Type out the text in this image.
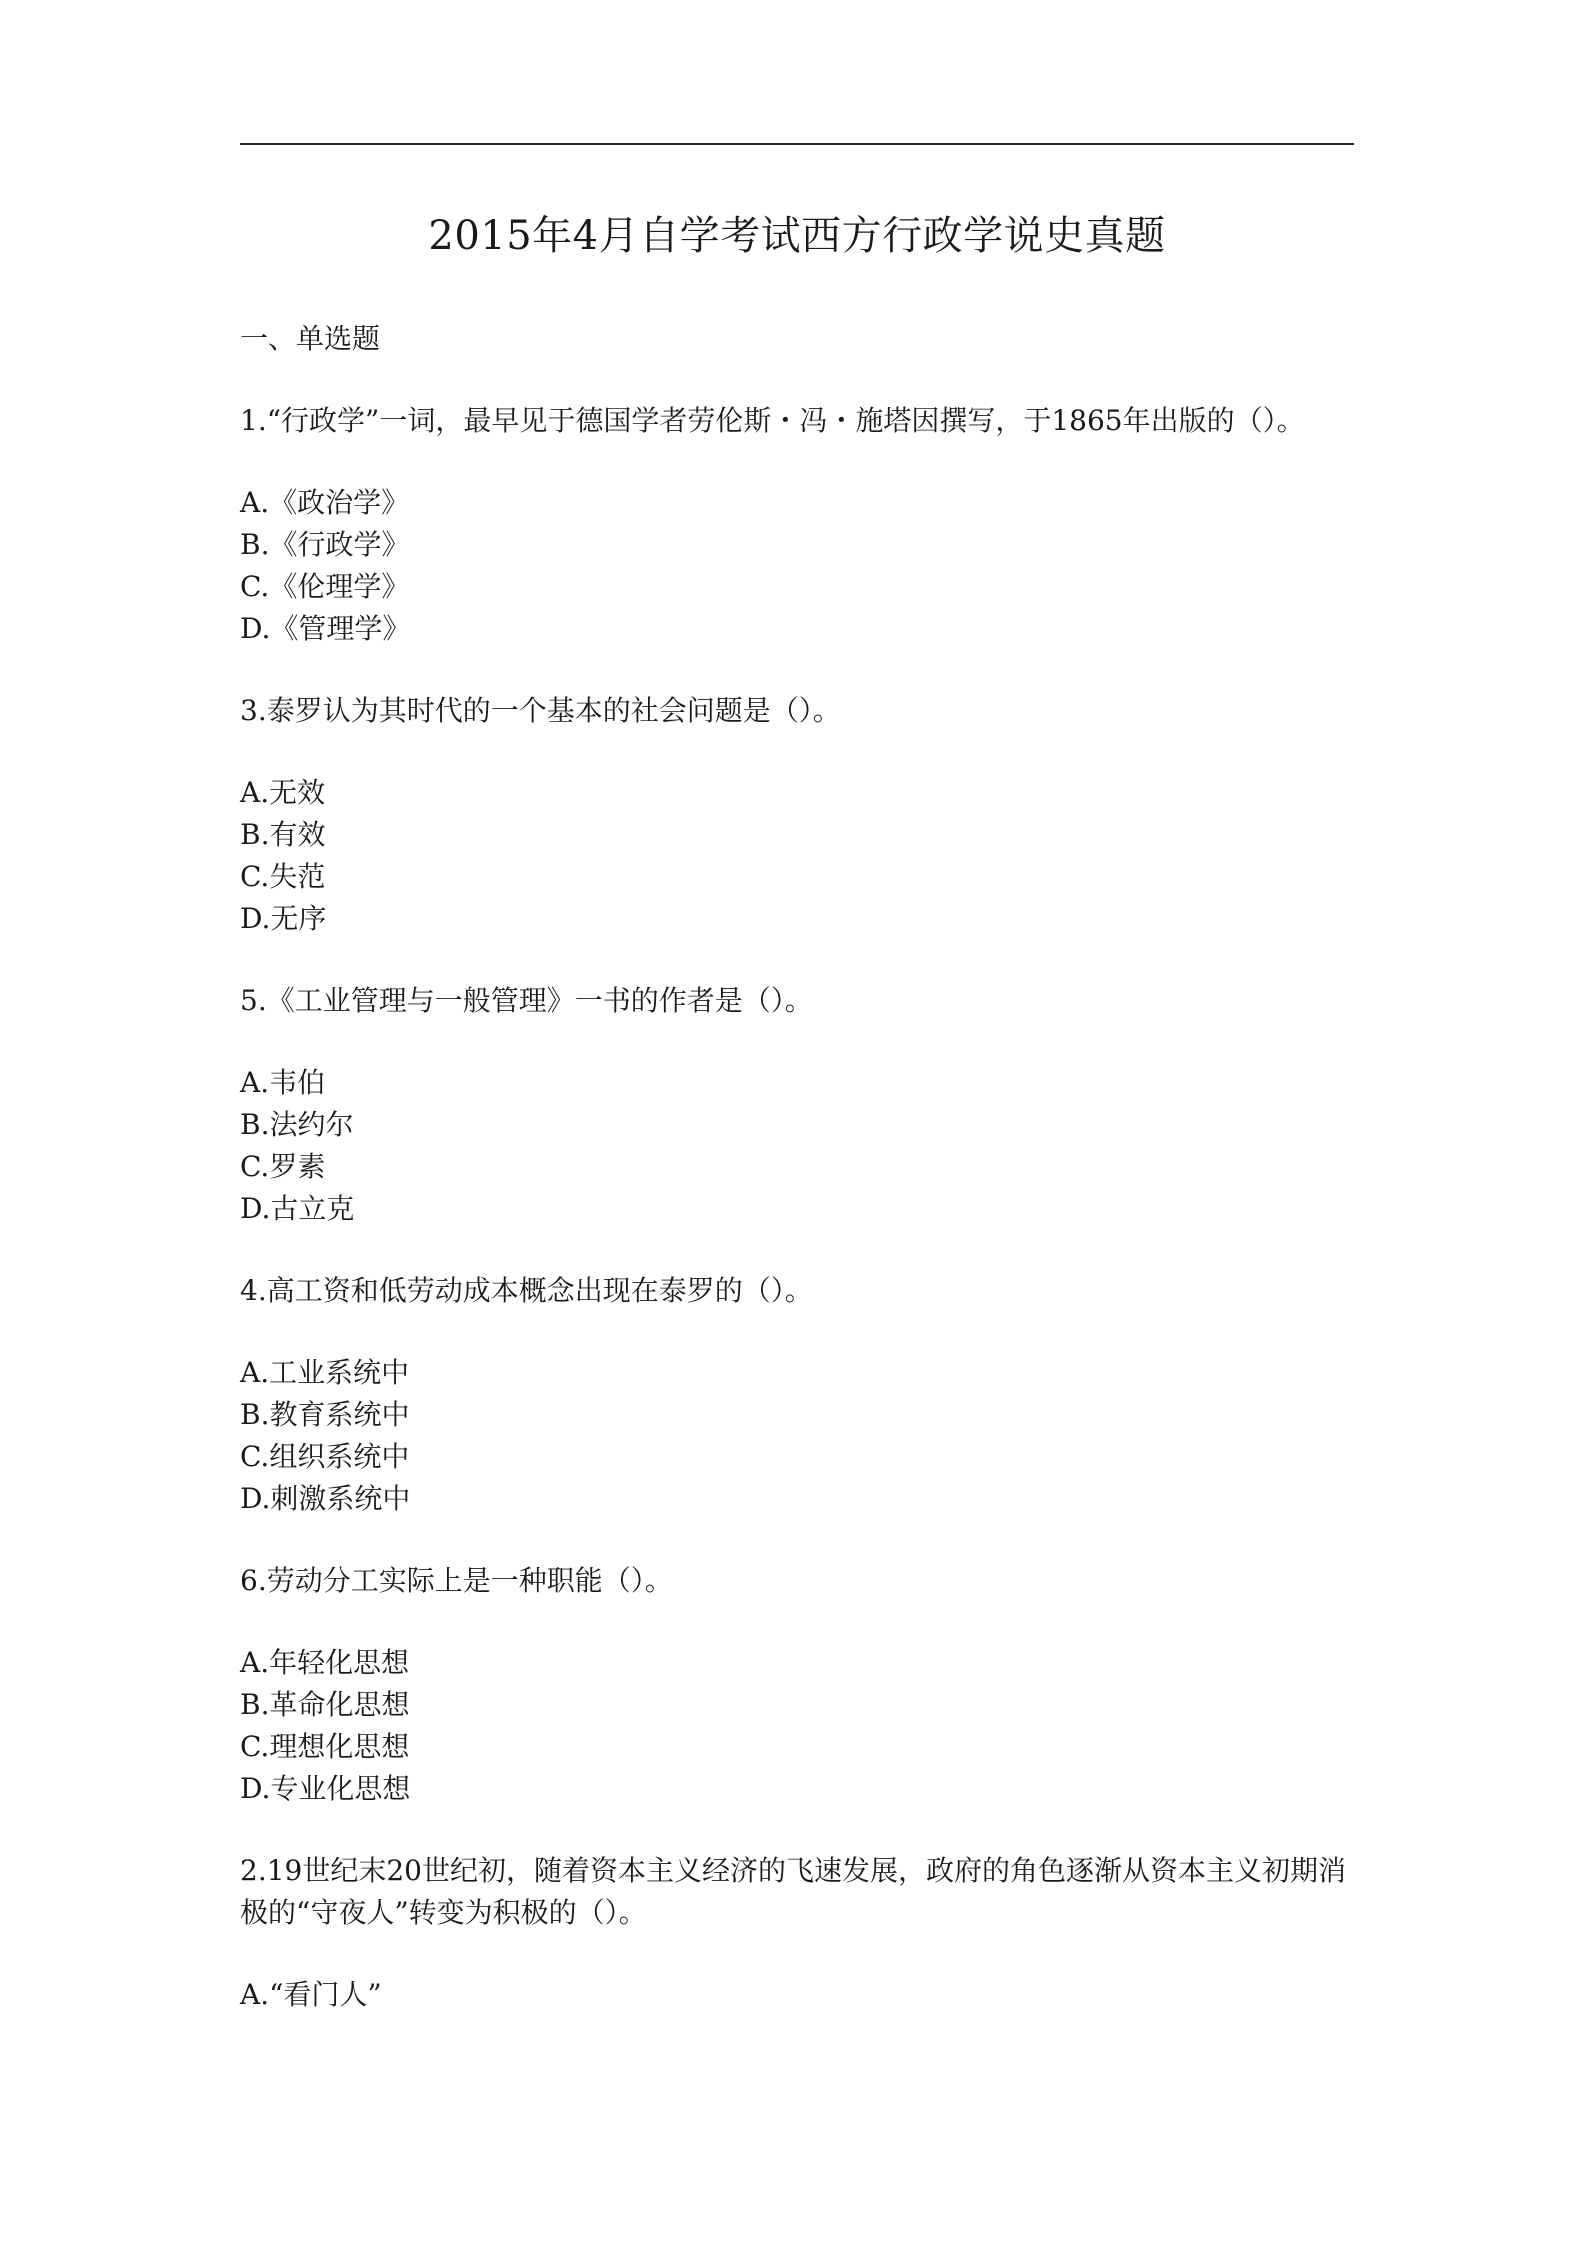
2015年4月自学考试西方行政学说史真题

一、单选题

1.“行政学”一词，最早见于德国学者劳伦斯・冯・施塔因撰写，于1865年出版的（）。

A.《政治学》
B.《行政学》
C.《伦理学》
D.《管理学》

3.泰罗认为其时代的一个基本的社会问题是（）。

A.无效
B.有效
C.失范
D.无序

5.《工业管理与一般管理》一书的作者是（）。

A.韦伯
B.法约尔
C.罗素
D.古立克

4.高工资和低劳动成本概念出现在泰罗的（）。

A.工业系统中
B.教育系统中
C.组织系统中
D.刺激系统中

6.劳动分工实际上是一种职能（）。

A.年轻化思想
B.革命化思想
C.理想化思想
D.专业化思想

2.19世纪末20世纪初，随着资本主义经济的飞速发展，政府的角色逐渐从资本主义初期消极的“守夜人”转变为积极的（）。

A.“看门人”
